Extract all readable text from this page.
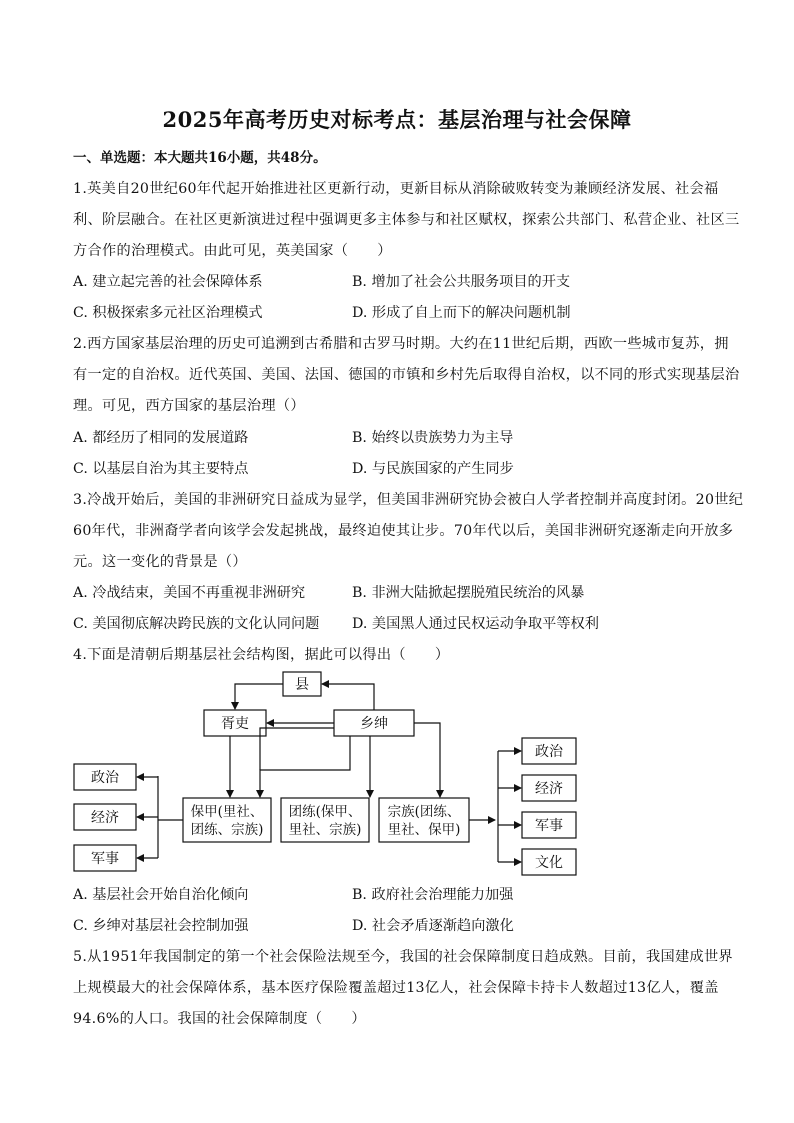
2025年高考历史对标考点：基层治理与社会保障
一、单选题：本大题共16小题，共48分。
1.英美自20世纪60年代起开始推进社区更新行动，更新目标从消除破败转变为兼顾经济发展、社会福
利、阶层融合。在社区更新演进过程中强调更多主体参与和社区赋权，探索公共部门、私营企业、社区三
方合作的治理模式。由此可见，英美国家（　　）
A. 建立起完善的社会保障体系	B. 增加了社会公共服务项目的开支
C. 积极探索多元社区治理模式	D. 形成了自上而下的解决问题机制
2.西方国家基层治理的历史可追溯到古希腊和古罗马时期。大约在11世纪后期，西欧一些城市复苏，拥
有一定的自治权。近代英国、美国、法国、德国的市镇和乡村先后取得自治权，以不同的形式实现基层治
理。可见，西方国家的基层治理（）
A. 都经历了相同的发展道路	B. 始终以贵族势力为主导
C. 以基层自治为其主要特点	D. 与民族国家的产生同步
3.冷战开始后，美国的非洲研究日益成为显学，但美国非洲研究协会被白人学者控制并高度封闭。20世纪
60年代，非洲裔学者向该学会发起挑战，最终迫使其让步。70年代以后，美国非洲研究逐渐走向开放多
元。这一变化的背景是（）
A. 冷战结束，美国不再重视非洲研究	B. 非洲大陆掀起摆脱殖民统治的风暴
C. 美国彻底解决跨民族的文化认同问题 D. 美国黑人通过民权运动争取平等权利
4.下面是清朝后期基层社会结构图，据此可以得出（　　）
县
胥吏	乡绅
保甲(里社、
团练、宗族)
团练(保甲、
里社、宗族)
宗族(团练、
里社、保甲)
政治
经济
军事
政治
经济
军事
文化
A. 基层社会开始自治化倾向	B. 政府社会治理能力加强
C. 乡绅对基层社会控制加强	D. 社会矛盾逐渐趋向激化
5.从1951年我国制定的第一个社会保险法规至今，我国的社会保障制度日趋成熟。目前，我国建成世界
上规模最大的社会保障体系，基本医疗保险覆盖超过13亿人，社会保障卡持卡人数超过13亿人，覆盖
94.6%的人口。我国的社会保障制度（　　）
